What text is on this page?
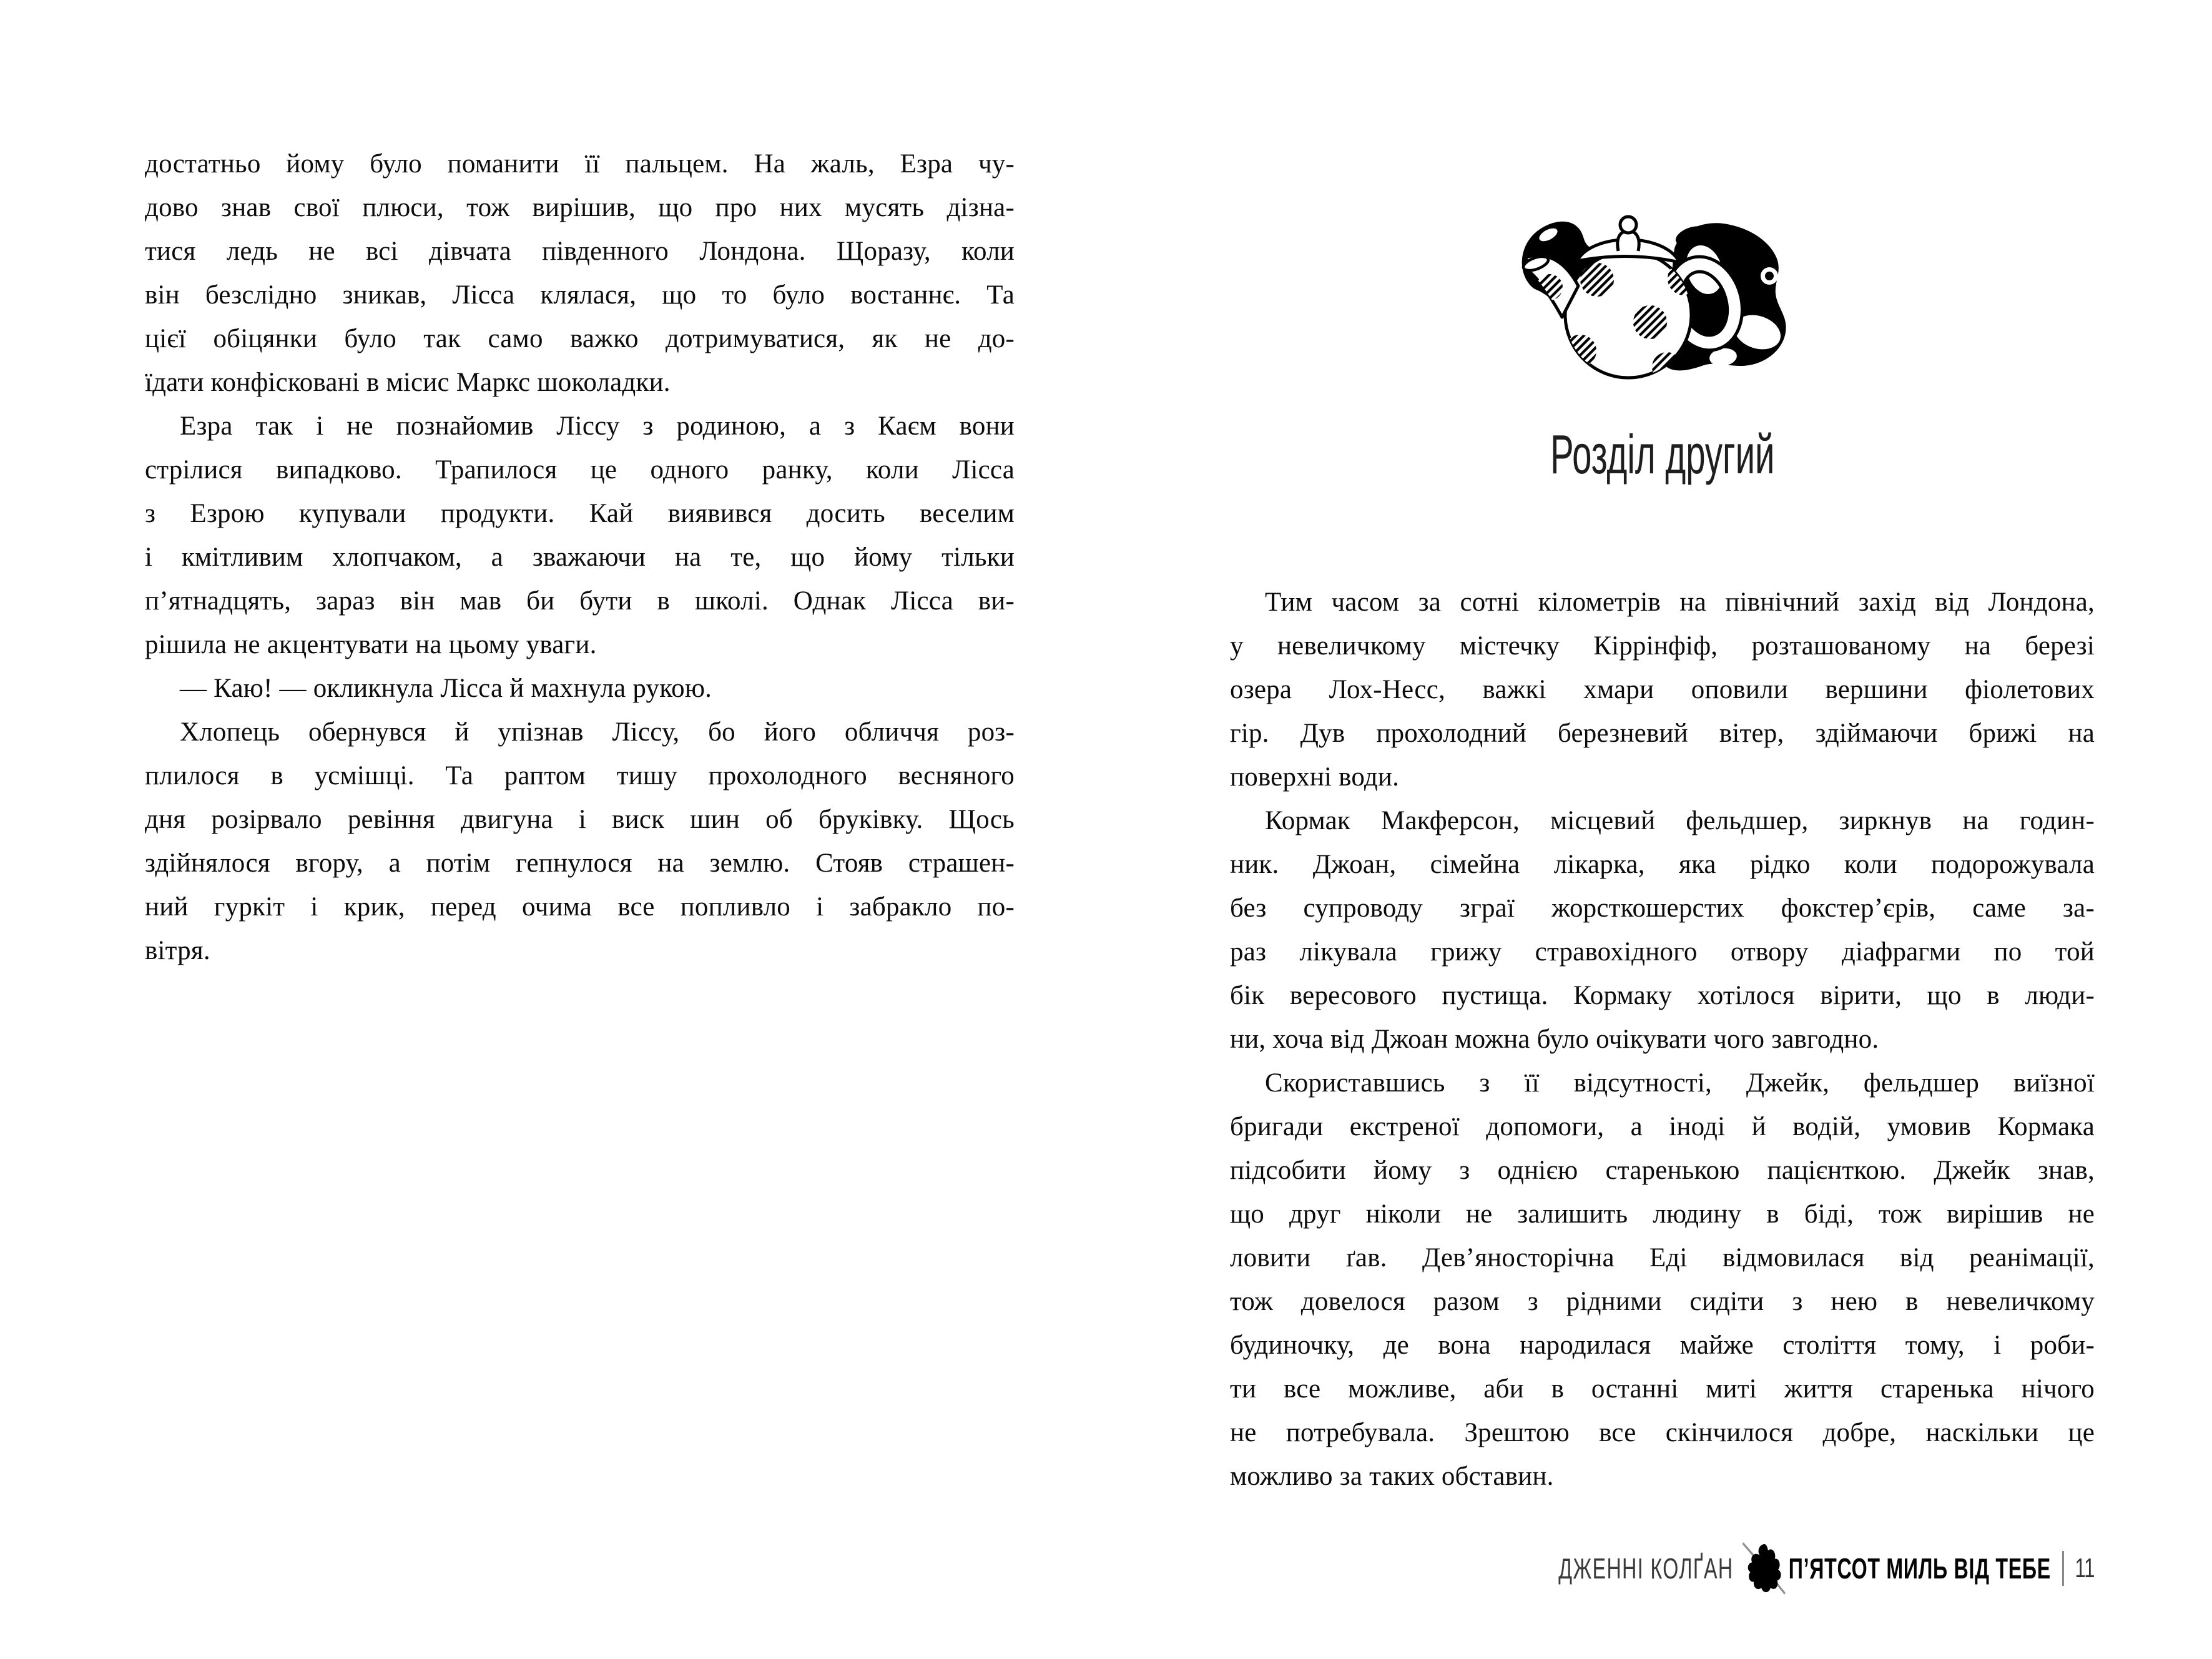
достатньо йому було поманити її пальцем. На жаль, Езра чу-
дово знав свої плюси, тож вирішив, що про них мусять дізна-
тися ледь не всі дівчата південного Лондона. Щоразу, коли
він безслідно зникав, Лісса клялася, що то було востаннє. Та
цієї обіцянки було так само важко дотримуватися, як не до-
їдати конфісковані в місис Маркс шоколадки.
Езра так і не познайомив Ліссу з родиною, а з Каєм вони
стрілися випадково. Трапилося це одного ранку, коли Лісса
з Езрою купували продукти. Кай виявився досить веселим
і кмітливим хлопчаком, а зважаючи на те, що йому тільки
п’ятнадцять, зараз він мав би бути в школі. Однак Лісса ви-
рішила не акцентувати на цьому уваги.
— Каю! — окликнула Лісса й махнула рукою.
Хлопець обернувся й упізнав Ліссу, бо його обличчя роз-
плилося в усмішці. Та раптом тишу прохолодного весняного
дня розірвало ревіння двигуна і виск шин об бруківку. Щось
здійнялося вгору, а потім гепнулося на землю. Стояв страшен-
ний гуркіт і крик, перед очима все попливло і забракло по-
вітря.
Розділ другий
Тим часом за сотні кілометрів на північний захід від Лондона,
у невеличкому містечку Кіррінфіф, розташованому на березі
озера Лох-Несс, важкі хмари оповили вершини фіолетових
гір. Дув прохолодний березневий вітер, здіймаючи брижі на
поверхні води.
Кормак Макферсон, місцевий фельдшер, зиркнув на годин-
ник. Джоан, сімейна лікарка, яка рідко коли подорожувала
без супроводу зграї жорсткошерстих фокстер’єрів, саме за-
раз лікувала грижу стравохідного отвору діафрагми по той
бік вересового пустища. Кормаку хотілося вірити, що в люди-
ни, хоча від Джоан можна було очікувати чого завгодно.
Скориставшись з її відсутності, Джейк, фельдшер виїзної
бригади екстреної допомоги, а іноді й водій, умовив Кормака
підсобити йому з однією старенькою пацієнткою. Джейк знав,
що друг ніколи не залишить людину в біді, тож вирішив не
ловити ґав. Дев’яносторічна Еді відмовилася від реанімації,
тож довелося разом з рідними сидіти з нею в невеличкому
будиночку, де вона народилася майже століття тому, і роби-
ти все можливе, аби в останні миті життя старенька нічого
не потребувала. Зрештою все скінчилося добре, наскільки це
можливо за таких обставин.
ДЖЕННІ КОЛҐАН П’ЯТСОТ МИЛЬ ВІД ТЕБЕ 11
